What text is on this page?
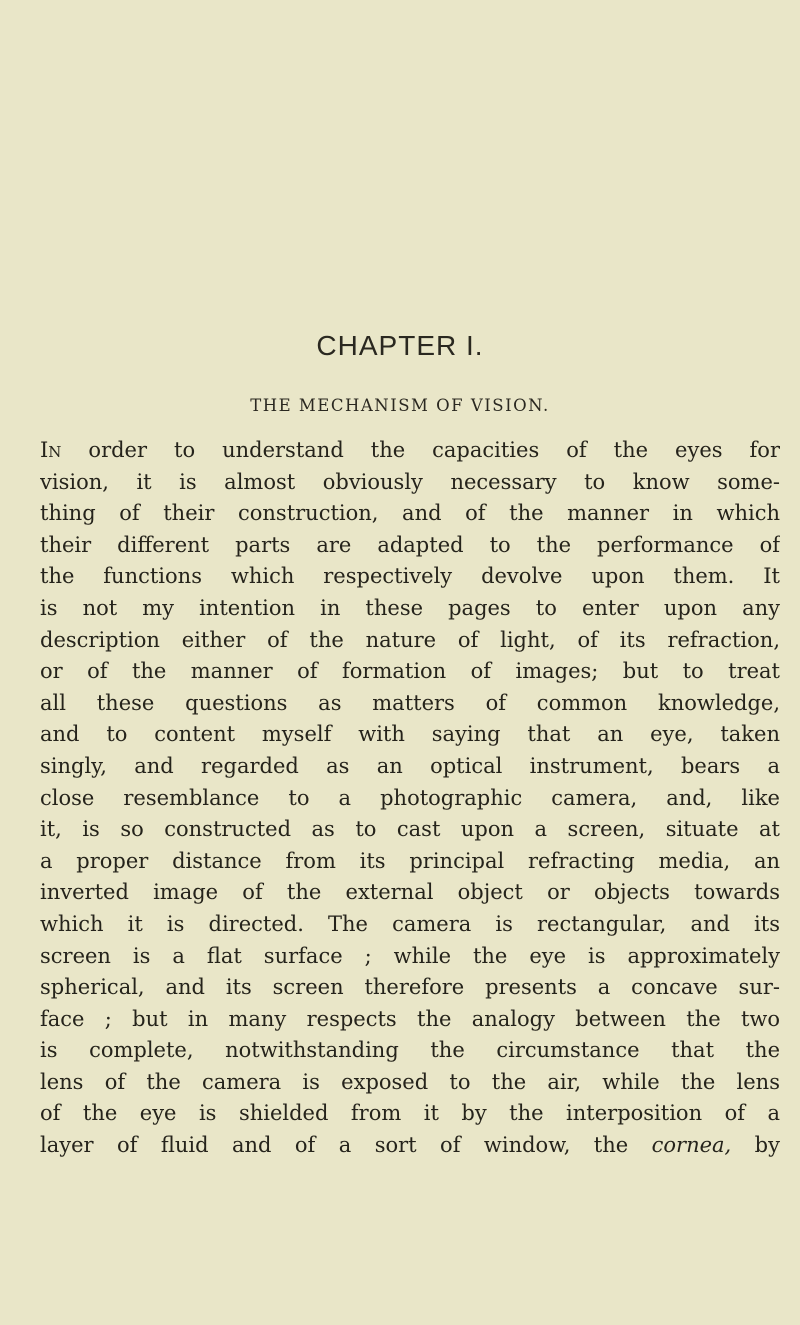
CHAPTER I.
THE MECHANISM OF VISION.
In order to understand the capacities of the eyes for
vision, it is almost obviously necessary to know some-
thing of their construction, and of the manner in which
their different parts are adapted to the performance of
the functions which respectively devolve upon them. It
is not my intention in these pages to enter upon any
description either of the nature of light, of its refraction,
or of the manner of formation of images; but to treat
all these questions as matters of common knowledge,
and to content myself with saying that an eye, taken
singly, and regarded as an optical instrument, bears a
close resemblance to a photographic camera, and, like
it, is so constructed as to cast upon a screen, situate at
a proper distance from its principal refracting media, an
inverted image of the external object or objects towards
which it is directed. The camera is rectangular, and its
screen is a flat surface ; while the eye is approximately
spherical, and its screen therefore presents a concave sur-
face ; but in many respects the analogy between the two
is complete, notwithstanding the circumstance that the
lens of the camera is exposed to the air, while the lens
of the eye is shielded from it by the interposition of a
layer of fluid and of a sort of window, the cornea, by
